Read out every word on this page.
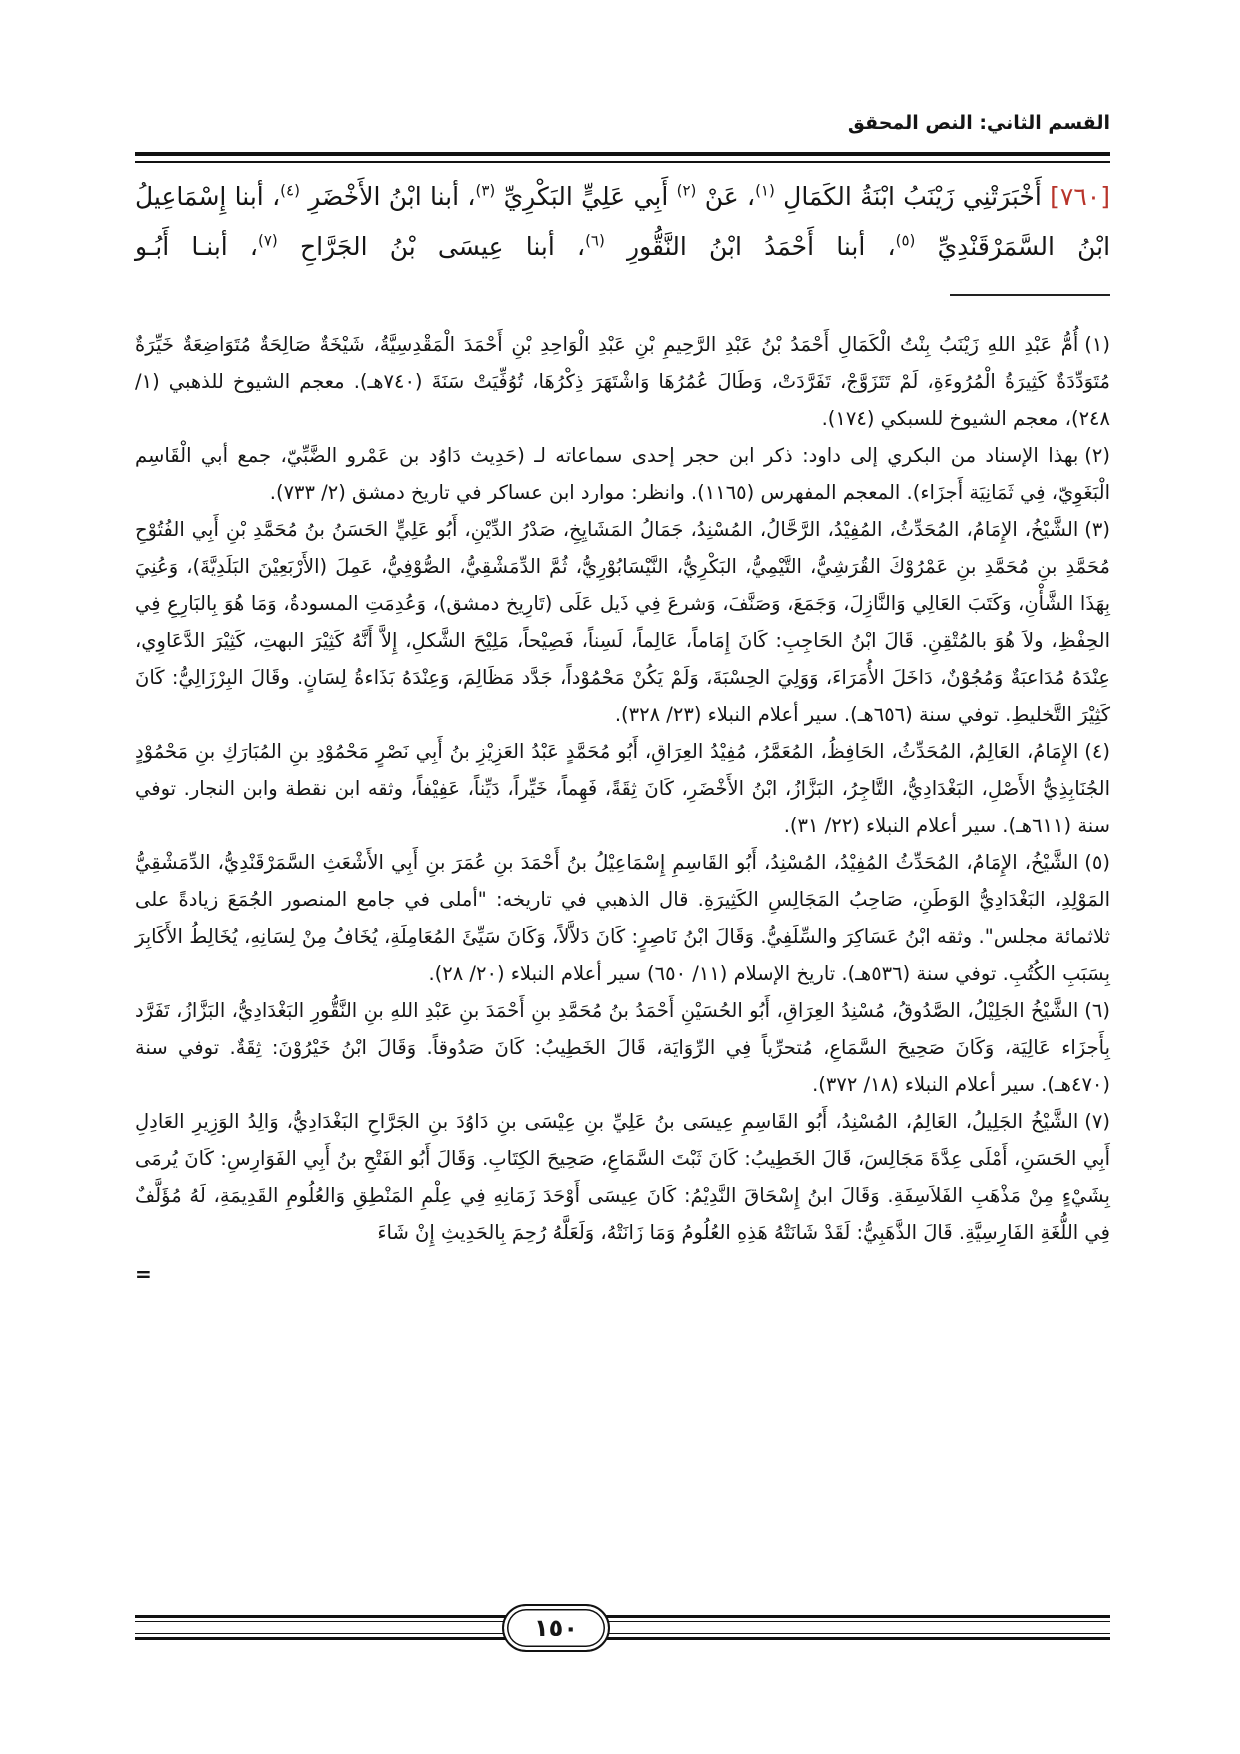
القسم الثاني: النص المحقق
[٧٦٠] أَخْبَرَتْنِي زَيْنَبُ ابْنَةُ الكَمَالِ $^{(١)}$، عَنْ $^{(٢)}$ أَبِي عَلِيٍّ البَكْرِيِّ $^{(٣)}$، أبنا ابْنُ الأَخْضَرِ $^{(٤)}$، أبنا إِسْمَاعِيلُ ابْنُ السَّمَرْقَنْدِيِّ $^{(٥)}$، أبنا أَحْمَدُ ابْنُ النَّقُّورِ $^{(٦)}$، أبنا عِيسَى بْنُ الجَرَّاحِ $^{(٧)}$، أبنـا أَبُـو

(١)أُمُّ عَبْدِ اللهِ زَيْنَبُ بِنْتُ الْكَمَالِ أَحْمَدُ بْنُ عَبْدِ الرَّحِيمِ بْنِ عَبْدِ الْوَاحِدِ بْنِ أَحْمَدَ الْمَقْدِسِيَّةُ، شَيْخَةٌ صَالِحَةٌ مُتَوَاضِعَةٌ خَيِّرَةٌ مُتَوَدِّدَةٌ كَثِيرَةُ الْمُرُوءَةِ، لَمْ تَتَزَوَّجْ، تَفَرَّدَتْ، وَطَالَ عُمُرُهَا وَاشْتَهَرَ ذِكْرُهَا، تُوُفِّيَتْ سَنَةَ (٧٤٠هـ). معجم الشيوخ للذهبي (١/ ٢٤٨)، معجم الشيوخ للسبكي (١٧٤).

(٢)بهذا الإسناد من البكري إلى داود: ذكر ابن حجر إحدى سماعاته لـ (حَدِيث دَاوُد بن عَمْرو الضَّبِّيّ، جمع أبي الْقَاسِم الْبَغَوِيّ، فِي ثَمَانِيَة أَجزَاء). المعجم المفهرس (١١٦٥). وانظر: موارد ابن عساكر في تاريخ دمشق (٢/ ٧٣٣).

(٣)الشَّيْخُ، الإِمَامُ، المُحَدِّثُ، المُفِيْدُ، الرَّحَّالُ، المُسْنِدُ، جَمَالُ المَشَايِخِ، صَدْرُ الدِّيْنِ، أَبُو عَلِيٍّ الحَسَنُ بنُ مُحَمَّدِ بْنِ أَبِي الفُتُوْحِ مُحَمَّدِ بنِ مُحَمَّدِ بنِ عَمْرُوْكَ القُرَشِيُّ، التَّيْمِيُّ، البَكْرِيُّ، النَّيْسَابُوْرِيُّ، ثُمَّ الدِّمَشْقِيُّ، الصُّوْفِيُّ، عَمِلَ (الأَرْبَعِيْنَ البَلَدِيَّةَ)، وَعُنِيَ بِهَذَا الشَّأْنِ، وَكَتَبَ العَالِي وَالنَّازِلَ، وَجَمَعَ، وَصَنَّفَ، وَشرعَ فِي ذَيل عَلَى (تَارِيخ دمشق)، وَعُدِمَتِ المسودةُ، وَمَا هُوَ بِالبَارِعِ فِي الحِفْظِ، ولاَ هُوَ بالمُتْقِنِ. قَالَ ابْنُ الحَاجِبِ: كَانَ إِمَاماً، عَالِماً، لَسِناً، فَصِيْحاً، مَلِيْحَ الشَّكلِ، إِلاَّ أَنَّهُ كَثِيْرَ البهتِ، كَثِيْرَ الدَّعَاوِي، عِنْدَهُ مُدَاعبَةٌ وَمُجُوْنٌ، دَاخَلَ الأُمَرَاءَ، وَوَلِيَ الحِسْبَةَ، وَلَمْ يَكُنْ مَحْمُوْداً، جَدَّد مَظَالِمَ، وَعِنْدَهُ بَذَاءةُ لِسَانٍ. وقَالَ البِرْزَالِيُّ: كَانَ كَثِيْرَ التَّخليطِ. توفي سنة (٦٥٦هـ). سير أعلام النبلاء (٢٣/ ٣٢٨).

(٤)الإِمَامُ، العَالِمُ، المُحَدِّثُ، الحَافِظُ، المُعَمَّرُ، مُفِيْدُ العِرَاقِ، أَبُو مُحَمَّدٍ عَبْدُ العَزِيْزِ بنُ أَبِي نَصْرٍ مَحْمُوْدِ بنِ المُبَارَكِ بنِ مَحْمُوْدٍ الجُنَابِذِيُّ الأَصْلِ، البَغْدَادِيُّ، التَّاجِرُ، البَزَّازُ، ابْنُ الأَخْضَرِ، كَانَ ثِقَةً، فَهِماً، خَيِّراً، دَيِّناً، عَفِيْفاً، وثقه ابن نقطة وابن النجار. توفي سنة (٦١١هـ). سير أعلام النبلاء (٢٢/ ٣١).

(٥)الشَّيْخُ، الإِمَامُ، المُحَدِّثُ المُفِيْدُ، المُسْنِدُ، أَبُو القَاسِمِ إِسْمَاعِيْلُ بنُ أَحْمَدَ بنِ عُمَرَ بنِ أَبِي الأَشْعَثِ السَّمَرْقَنْدِيُّ، الدِّمَشْقِيُّ المَوْلِدِ، البَغْدَادِيُّ الوَطَنِ، صَاحِبُ المَجَالِسِ الكَثِيرَةِ. قال الذهبي في تاريخه: "أملى في جامع المنصور الجُمَعَ زيادةً على ثلاثمائة مجلس". وثقه ابْنُ عَسَاكِرَ والسِّلَفِيُّ. وَقَالَ ابْنُ نَاصِرٍ: كَانَ دَلاَّلاً، وَكَانَ سَيِّئَ المُعَامِلَةِ، يُخَافُ مِنْ لِسَانِهِ، يُخَالِطُ الأَكَابِرَ بِسَبَبِ الكُتُبِ. توفي سنة (٥٣٦هـ). تاريخ الإسلام (١١/ ٦٥٠) سير أعلام النبلاء (٢٠/ ٢٨).

(٦)الشَّيْخُ الجَلِيْلُ، الصَّدُوقُ، مُسْنِدُ العِرَاقِ، أَبُو الحُسَيْنِ أَحْمَدُ بنُ مُحَمَّدِ بنِ أَحْمَدَ بنِ عَبْدِ اللهِ بنِ النَّقُّورِ البَغْدَادِيُّ، البَزَّازُ، تَفَرَّد بِأَجزَاء عَالِيَة، وَكَانَ صَحِيحَ السَّمَاعِ، مُتحرِّياً فِي الرِّوَايَة، قَالَ الخَطِيبُ: كَانَ صَدُوقاً. وَقَالَ ابْنُ خَيْرُوْنَ: ثِقَةٌ. توفي سنة (٤٧٠هـ). سير أعلام النبلاء (١٨/ ٣٧٢).

(٧)الشَّيْخُ الجَلِيلُ، العَالِمُ، المُسْنِدُ، أَبُو القَاسِمِ عِيسَى بنُ عَلِيِّ بنِ عِيْسَى بنِ دَاوُدَ بنِ الجَرَّاحِ البَغْدَادِيُّ، وَالِدُ الوَزِيرِ العَادِلِ أَبِي الحَسَنِ، أَمْلَى عِدَّةَ مَجَالِسَ، قَالَ الخَطِيبُ: كَانَ ثَبْتَ السَّمَاعِ، صَحِيحَ الكِتَابِ. وَقَالَ أَبُو الفَتْحِ بنُ أَبِي الفَوَارِسِ: كَانَ يُرمَى بِشَيْءٍ مِنْ مَذْهَبِ الفَلاَسِفَةِ. وَقَالَ ابنُ إِسْحَاقَ النَّدِيْمُ: كَانَ عِيسَى أَوْحَدَ زَمَانِهِ فِي عِلْمِ المَنْطِقِ وَالعُلُومِ القَدِيمَةِ، لَهُ مُؤَلَّفٌ فِي اللُّغَةِ الفَارِسِيَّةِ. قَالَ الذَّهَبِيُّ: لَقَدْ شَانَتْهُ هَذِهِ العُلُومُ وَمَا زَانَتْهُ، وَلَعَلَّهُ رُحِمَ بِالحَدِيثِ إِنْ شَاءَ

=
١٥٠
